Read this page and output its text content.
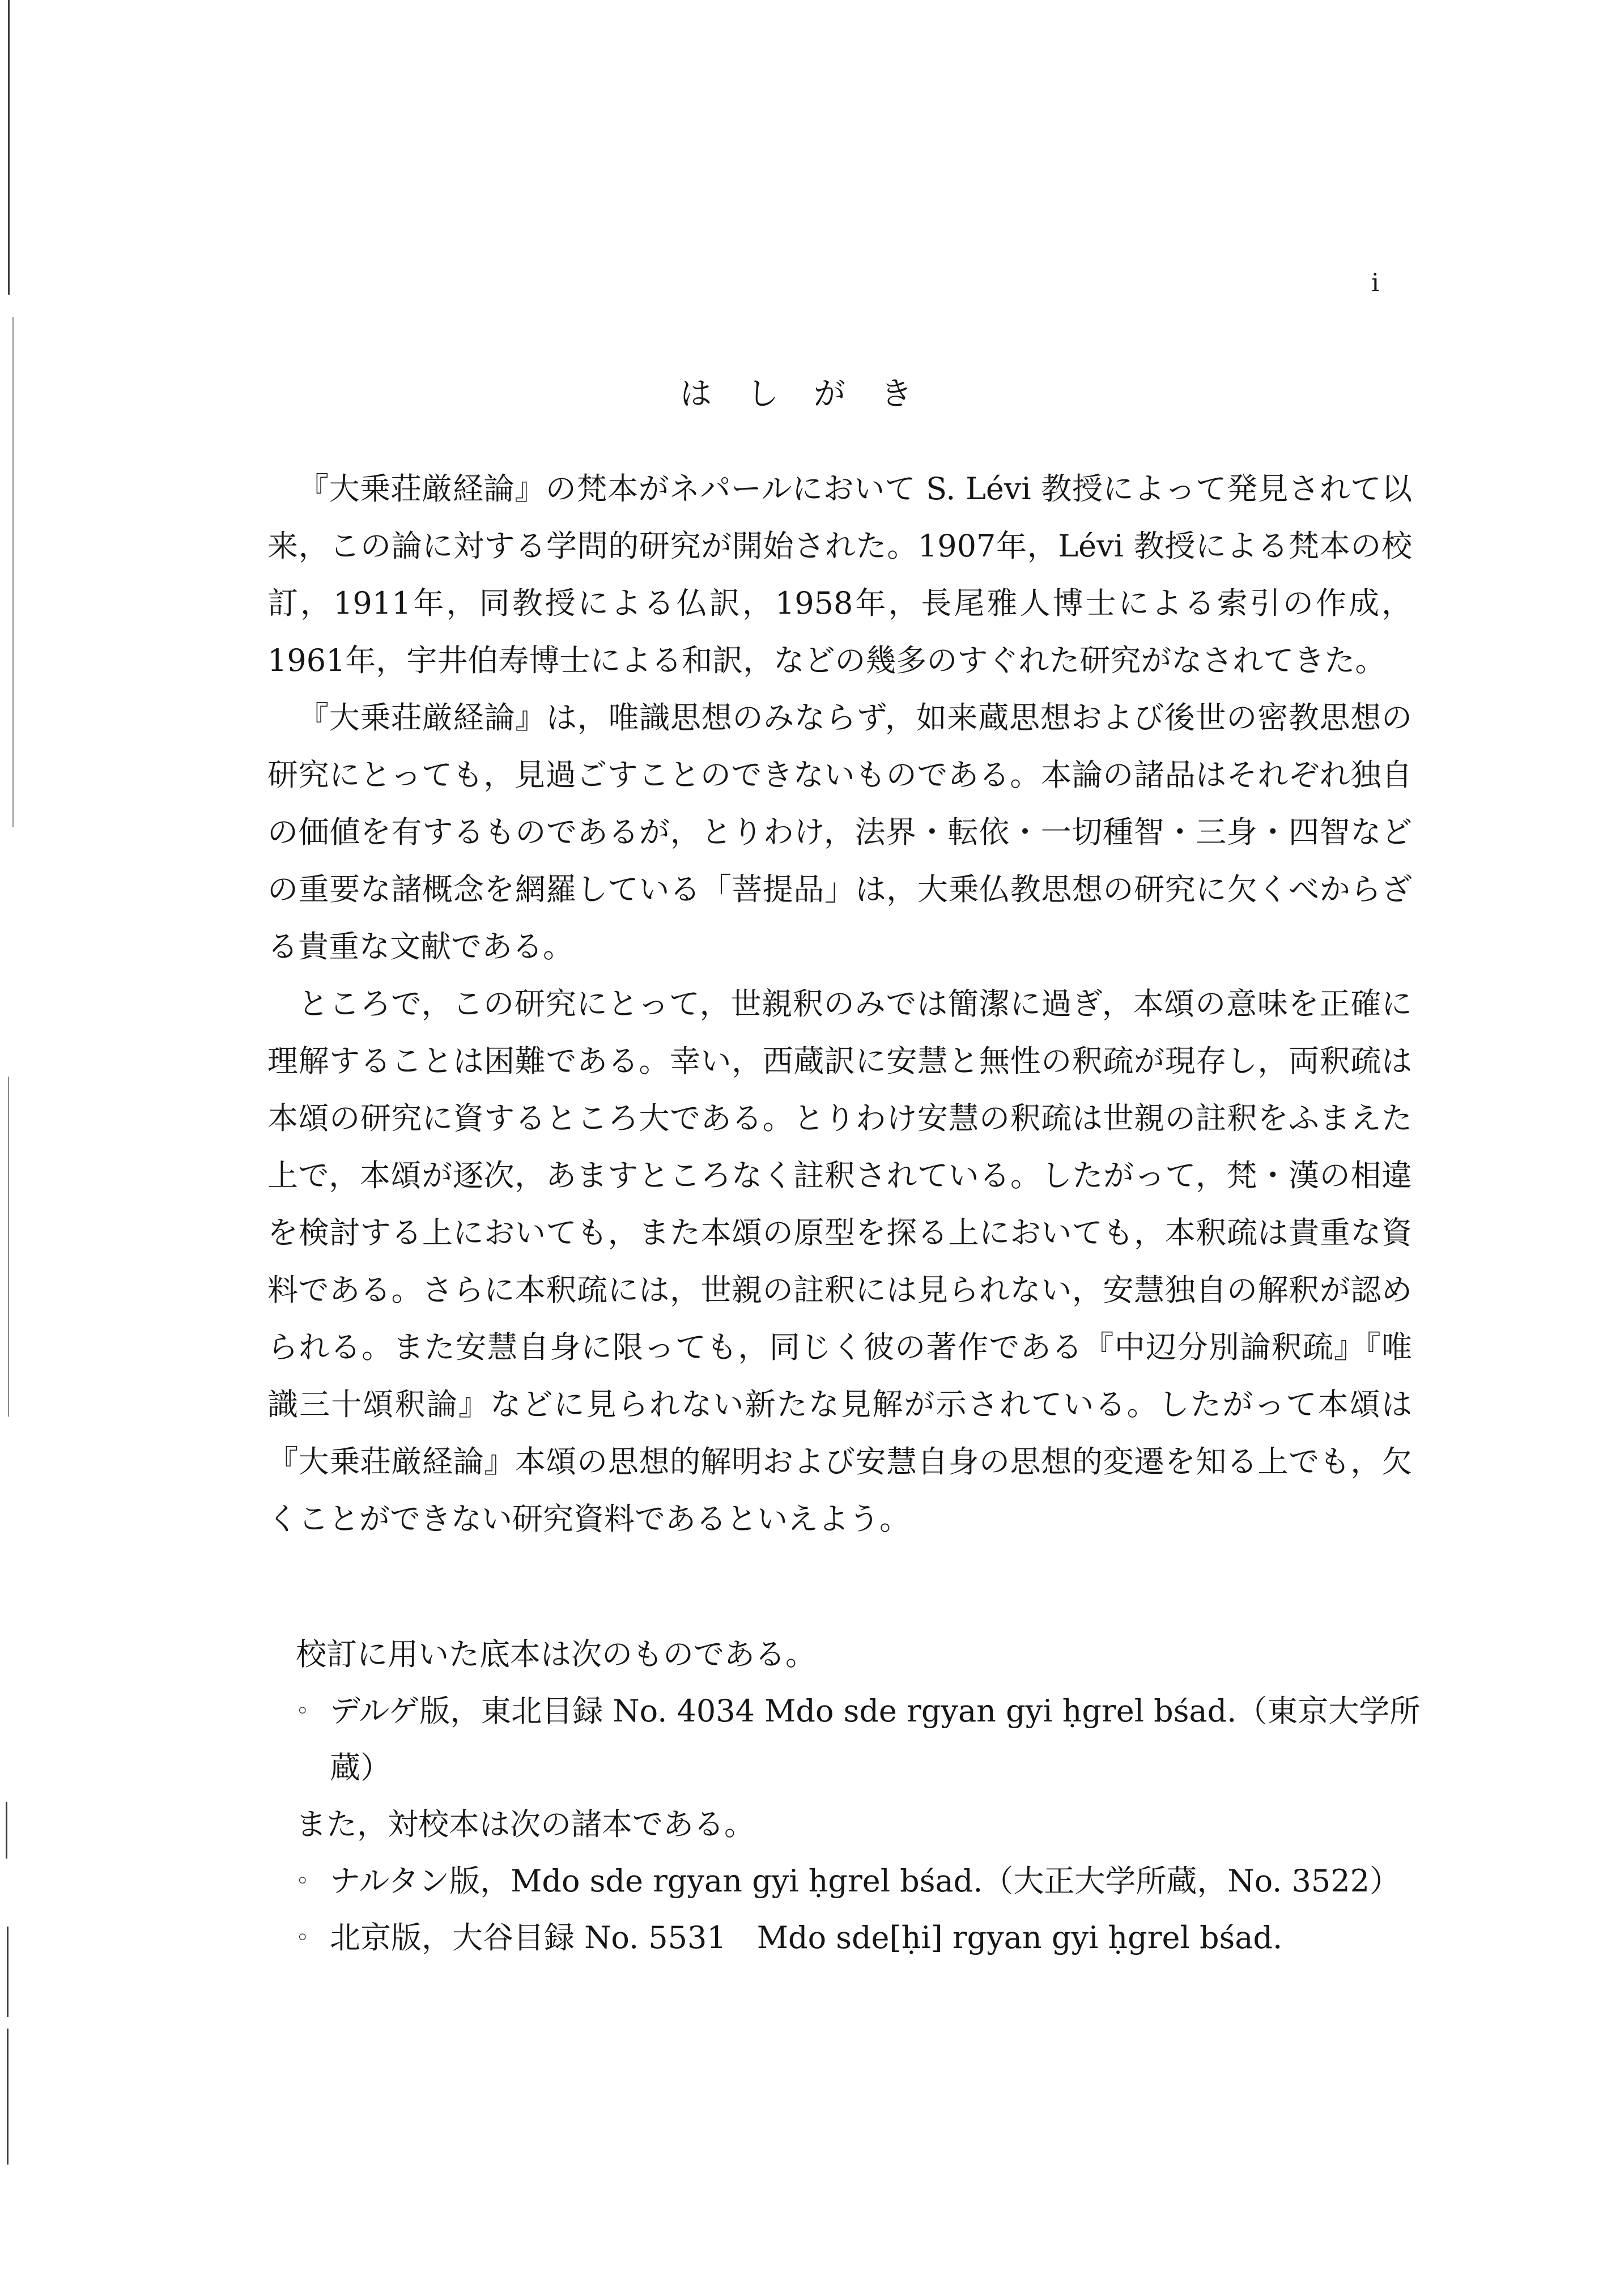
i
はしがき

『大乗荘厳経論』の梵本がネパールにおいて S. Lévi 教授によって発見されて以来，この論に対する学問的研究が開始された。1907年，Lévi 教授による梵本の校訂，1911年，同教授による仏訳，1958年，長尾雅人博士による索引の作成，1961年，宇井伯寿博士による和訳，などの幾多のすぐれた研究がなされてきた。

『大乗荘厳経論』は，唯識思想のみならず，如来蔵思想および後世の密教思想の研究にとっても，見過ごすことのできないものである。本論の諸品はそれぞれ独自の価値を有するものであるが，とりわけ，法界・転依・一切種智・三身・四智などの重要な諸概念を網羅している「菩提品」は，大乗仏教思想の研究に欠くべからざる貴重な文献である。

ところで，この研究にとって，世親釈のみでは簡潔に過ぎ，本頌の意味を正確に理解することは困難である。幸い，西蔵訳に安慧と無性の釈疏が現存し，両釈疏は本頌の研究に資するところ大である。とりわけ安慧の釈疏は世親の註釈をふまえた上で，本頌が逐次，あますところなく註釈されている。したがって，梵・漢の相違を検討する上においても，また本頌の原型を探る上においても，本釈疏は貴重な資料である。さらに本釈疏には，世親の註釈には見られない，安慧独自の解釈が認められる。また安慧自身に限っても，同じく彼の著作である『中辺分別論釈疏』『唯識三十頌釈論』などに見られない新たな見解が示されている。したがって本頌は『大乗荘厳経論』本頌の思想的解明および安慧自身の思想的変遷を知る上でも，欠くことができない研究資料であるといえよう。

校訂に用いた底本は次のものである。

◦ デルゲ版，東北目録 No. 4034 Mdo sde rgyan gyi ḥgrel bśad.（東京大学所蔵）

また，対校本は次の諸本である。

◦ ナルタン版，Mdo sde rgyan gyi ḥgrel bśad.（大正大学所蔵，No. 3522）
◦ 北京版，大谷目録 No. 5531　Mdo sde[ḥi] rgyan gyi ḥgrel bśad.
